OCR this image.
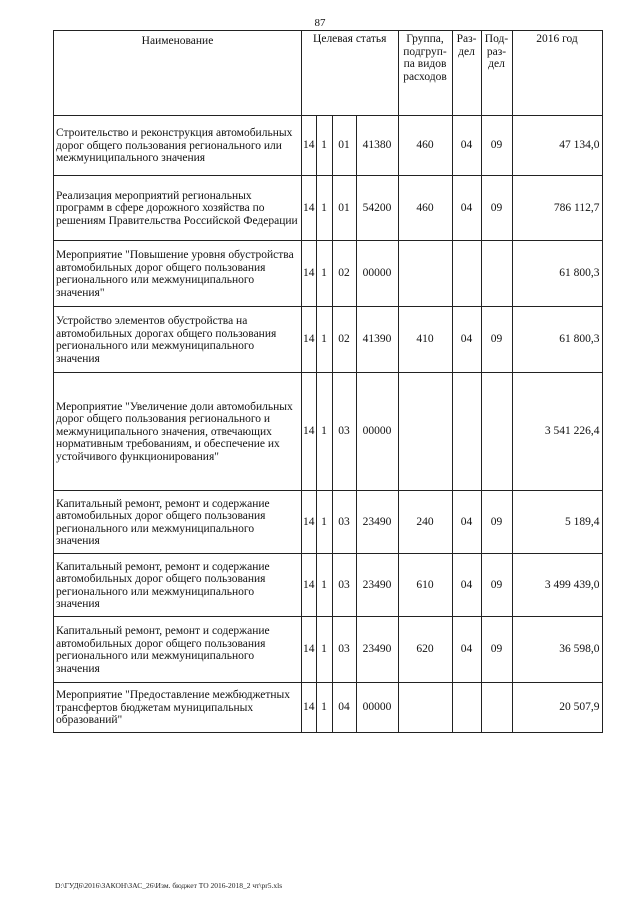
87
Наименование	Целевая статья				Группа, подгруп-па видов расходов	Раз-дел	Под-раз-дел	2016 год
Строительство и реконструкция автомобильных дорог общего пользования регионального или межмуниципального значения	14	1	01	41380	460	04	09	47 134,0
Реализация мероприятий региональных программ в сфере дорожного хозяйства по решениям Правительства Российской Федерации	14	1	01	54200	460	04	09	786 112,7
Мероприятие "Повышение уровня обустройства автомобильных дорог общего пользования регионального или межмуниципального значения"	14	1	02	00000				61 800,3
Устройство элементов обустройства на автомобильных дорогах общего пользования регионального или межмуниципального значения	14	1	02	41390	410	04	09	61 800,3
Мероприятие "Увеличение доли автомобильных дорог общего пользования регионального и межмуниципального значения, отвечающих нормативным требованиям, и обеспечение их устойчивого функционирования"	14	1	03	00000				3 541 226,4
Капитальный ремонт, ремонт и содержание автомобильных дорог общего пользования регионального или межмуниципального значения	14	1	03	23490	240	04	09	5 189,4
Капитальный ремонт, ремонт и содержание автомобильных дорог общего пользования регионального или межмуниципального значения	14	1	03	23490	610	04	09	3 499 439,0
Капитальный ремонт, ремонт и содержание автомобильных дорог общего пользования регионального или межмуниципального значения	14	1	03	23490	620	04	09	36 598,0
Мероприятие "Предоставление межбюджетных трансфертов бюджетам муниципальных образований"	14	1	04	00000				20 507,9
D:\ГУД6\2016\ЗАКОН\ЗАС_26\Изм. бюджет ТО 2016-2018_2 чт\pr5.xls
